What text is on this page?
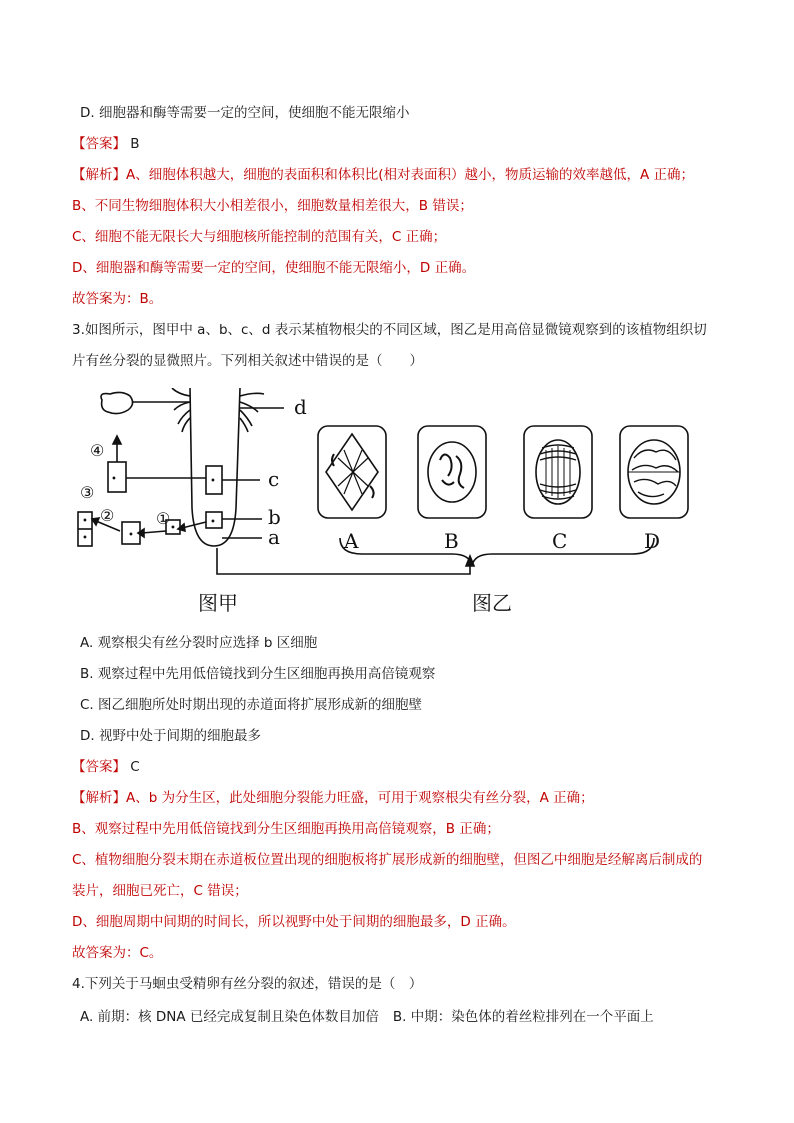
D. 细胞器和酶等需要一定的空间，使细胞不能无限缩小
【答案】 B
【解析】A、细胞体积越大，细胞的表面积和体积比(相对表面积）越小，物质运输的效率越低，A 正确；
B、不同生物细胞体积大小相差很小，细胞数量相差很大，B 错误；
C、细胞不能无限长大与细胞核所能控制的范围有关，C 正确；
D、细胞器和酶等需要一定的空间，使细胞不能无限缩小，D 正确。
故答案为：B。
3.如图所示，图甲中 a、b、c、d 表示某植物根尖的不同区域，图乙是用高倍显微镜观察到的该植物组织切
片有丝分裂的显微照片。下列相关叙述中错误的是（　　）
d
c
b
a
①
②
③
④
•	•
•
•
•
•
•	A	B	C	D
图甲	图乙
A. 观察根尖有丝分裂时应选择 b 区细胞
B. 观察过程中先用低倍镜找到分生区细胞再换用高倍镜观察
C. 图乙细胞所处时期出现的赤道面将扩展形成新的细胞壁
D. 视野中处于间期的细胞最多
【答案】 C
【解析】A、b 为分生区，此处细胞分裂能力旺盛，可用于观察根尖有丝分裂，A 正确；
B、观察过程中先用低倍镜找到分生区细胞再换用高倍镜观察，B 正确；
C、植物细胞分裂末期在赤道板位置出现的细胞板将扩展形成新的细胞壁，但图乙中细胞是经解离后制成的
装片，细胞已死亡，C 错误；
D、细胞周期中间期的时间长，所以视野中处于间期的细胞最多，D 正确。
故答案为：C。
4.下列关于马蛔虫受精卵有丝分裂的叙述，错误的是（　）
A. 前期：核 DNA 已经完成复制且染色体数目加倍 B. 中期：染色体的着丝粒排列在一个平面上
